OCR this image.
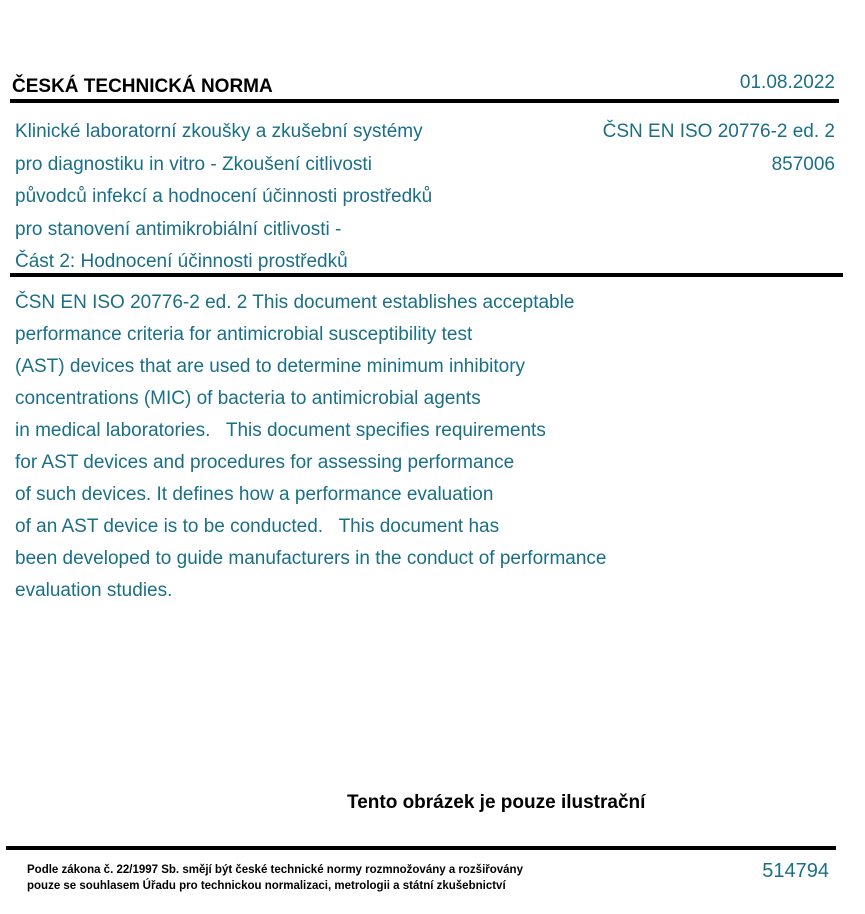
ČESKÁ TECHNICKÁ NORMA	01.08.2022
Klinické laboratorní zkoušky a zkušební systémy
pro diagnostiku in vitro - Zkoušení citlivosti
původců infekcí a hodnocení účinnosti prostředků
pro stanovení antimikrobiální citlivosti -
Část 2: Hodnocení účinnosti prostředků
ČSN EN ISO 20776-2 ed. 2
857006
ČSN EN ISO 20776-2 ed. 2 This document establishes acceptable
performance criteria for antimicrobial susceptibility test
(AST) devices that are used to determine minimum inhibitory
concentrations (MIC) of bacteria to antimicrobial agents
in medical laboratories.   This document specifies requirements
for AST devices and procedures for assessing performance
of such devices. It defines how a performance evaluation
of an AST device is to be conducted.   This document has
been developed to guide manufacturers in the conduct of performance
evaluation studies.
Tento obrázek je pouze ilustrační
Podle zákona č. 22/1997 Sb. smějí být české technické normy rozmnožovány a rozšiřovány
pouze se souhlasem Úřadu pro technickou normalizaci, metrologii a státní zkušebnictví
514794
